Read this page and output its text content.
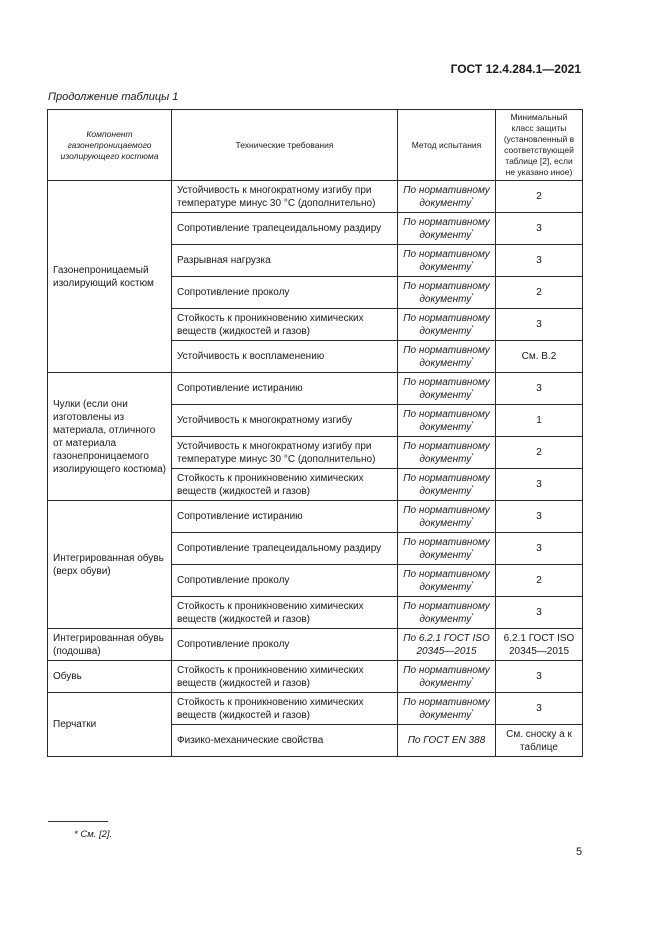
ГОСТ 12.4.284.1—2021
Продолжение таблицы 1
Компонент газонепроницаемого изолирующего костюма	Технические требования	Метод испытания	Минимальный класс защиты (установленный в соответствующей таблице [2], если не указано иное)
Газонепроницаемый изолирующий костюм	Устойчивость к многократному изгибу при температуре минус 30 °С (дополнительно)	По нормативному документу*	2
	Сопротивление трапецеидальному раздиру	По нормативному документу*	3
	Разрывная нагрузка	По нормативному документу*	3
	Сопротивление проколу	По нормативному документу*	2
	Стойкость к проникновению химических веществ (жидкостей и газов)	По нормативному документу*	3
	Устойчивость к воспламенению	По нормативному документу*	См. В.2
Чулки (если они изготовлены из материала, отличного от материала газонепроницаемого изолирующего костюма)	Сопротивление истиранию	По нормативному документу*	3
	Устойчивость к многократному изгибу	По нормативному документу*	1
	Устойчивость к многократному изгибу при температуре минус 30 °С (дополнительно)	По нормативному документу*	2
	Стойкость к проникновению химических веществ (жидкостей и газов)	По нормативному документу*	3
Интегрированная обувь (верх обуви)	Сопротивление истиранию	По нормативному документу*	3
	Сопротивление трапецеидальному раздиру	По нормативному документу*	3
	Сопротивление проколу	По нормативному документу*	2
	Стойкость к проникновению химических веществ (жидкостей и газов)	По нормативному документу*	3
Интегрированная обувь (подошва)	Сопротивление проколу	По 6.2.1 ГОСТ ISO 20345—2015	6.2.1 ГОСТ ISO 20345—2015
Обувь	Стойкость к проникновению химических веществ (жидкостей и газов)	По нормативному документу*	3
Перчатки	Стойкость к проникновению химических веществ (жидкостей и газов)	По нормативному документу*	3
	Физико-механические свойства	По ГОСТ EN 388	См. сноску а к таблице
* См. [2].
5
